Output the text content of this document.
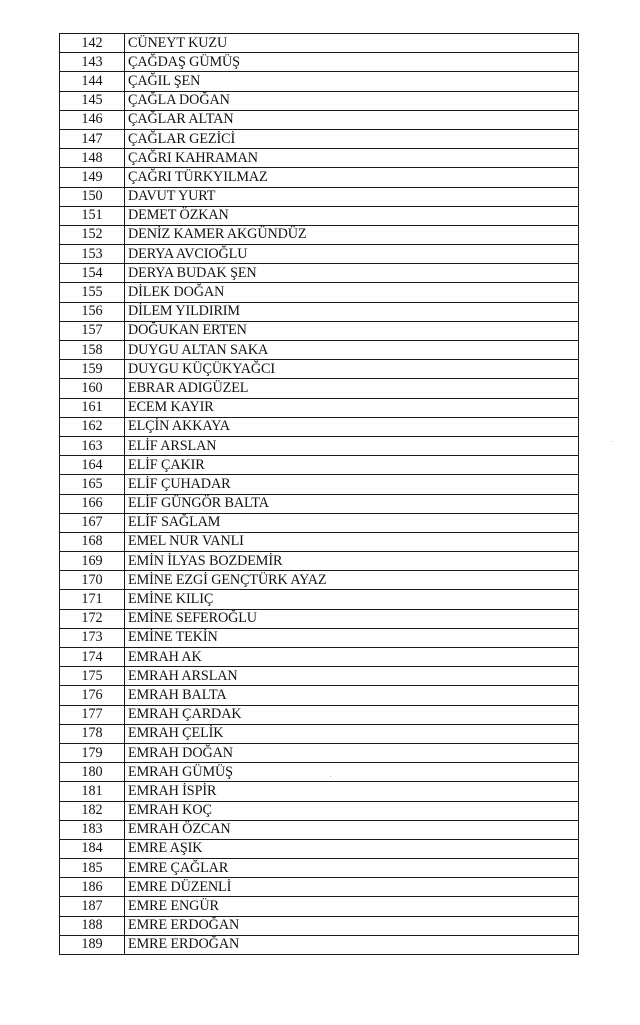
142	CÜNEYT KUZU
143	ÇAĞDAŞ GÜMÜŞ
144	ÇAĞIL ŞEN
145	ÇAĞLA DOĞAN
146	ÇAĞLAR ALTAN
147	ÇAĞLAR GEZİCİ
148	ÇAĞRI KAHRAMAN
149	ÇAĞRI TÜRKYILMAZ
150	DAVUT YURT
151	DEMET ÖZKAN
152	DENİZ KAMER AKGÜNDÜZ
153	DERYA AVCIOĞLU
154	DERYA BUDAK ŞEN
155	DİLEK DOĞAN
156	DİLEM YILDIRIM
157	DOĞUKAN ERTEN
158	DUYGU ALTAN SAKA
159	DUYGU KÜÇÜKYAĞCI
160	EBRAR ADIGÜZEL
161	ECEM KAYIR
162	ELÇİN AKKAYA
163	ELİF ARSLAN
164	ELİF ÇAKIR
165	ELİF ÇUHADAR
166	ELİF GÜNGÖR BALTA
167	ELİF SAĞLAM
168	EMEL NUR VANLI
169	EMİN İLYAS BOZDEMİR
170	EMİNE EZGİ GENÇTÜRK AYAZ
171	EMİNE KILIÇ
172	EMİNE SEFEROĞLU
173	EMİNE TEKİN
174	EMRAH AK
175	EMRAH ARSLAN
176	EMRAH BALTA
177	EMRAH ÇARDAK
178	EMRAH ÇELİK
179	EMRAH DOĞAN
180	EMRAH GÜMÜŞ
181	EMRAH İSPİR
182	EMRAH KOÇ
183	EMRAH ÖZCAN
184	EMRE AŞIK
185	EMRE ÇAĞLAR
186	EMRE DÜZENLİ
187	EMRE ENGÜR
188	EMRE ERDOĞAN
189	EMRE ERDOĞAN
